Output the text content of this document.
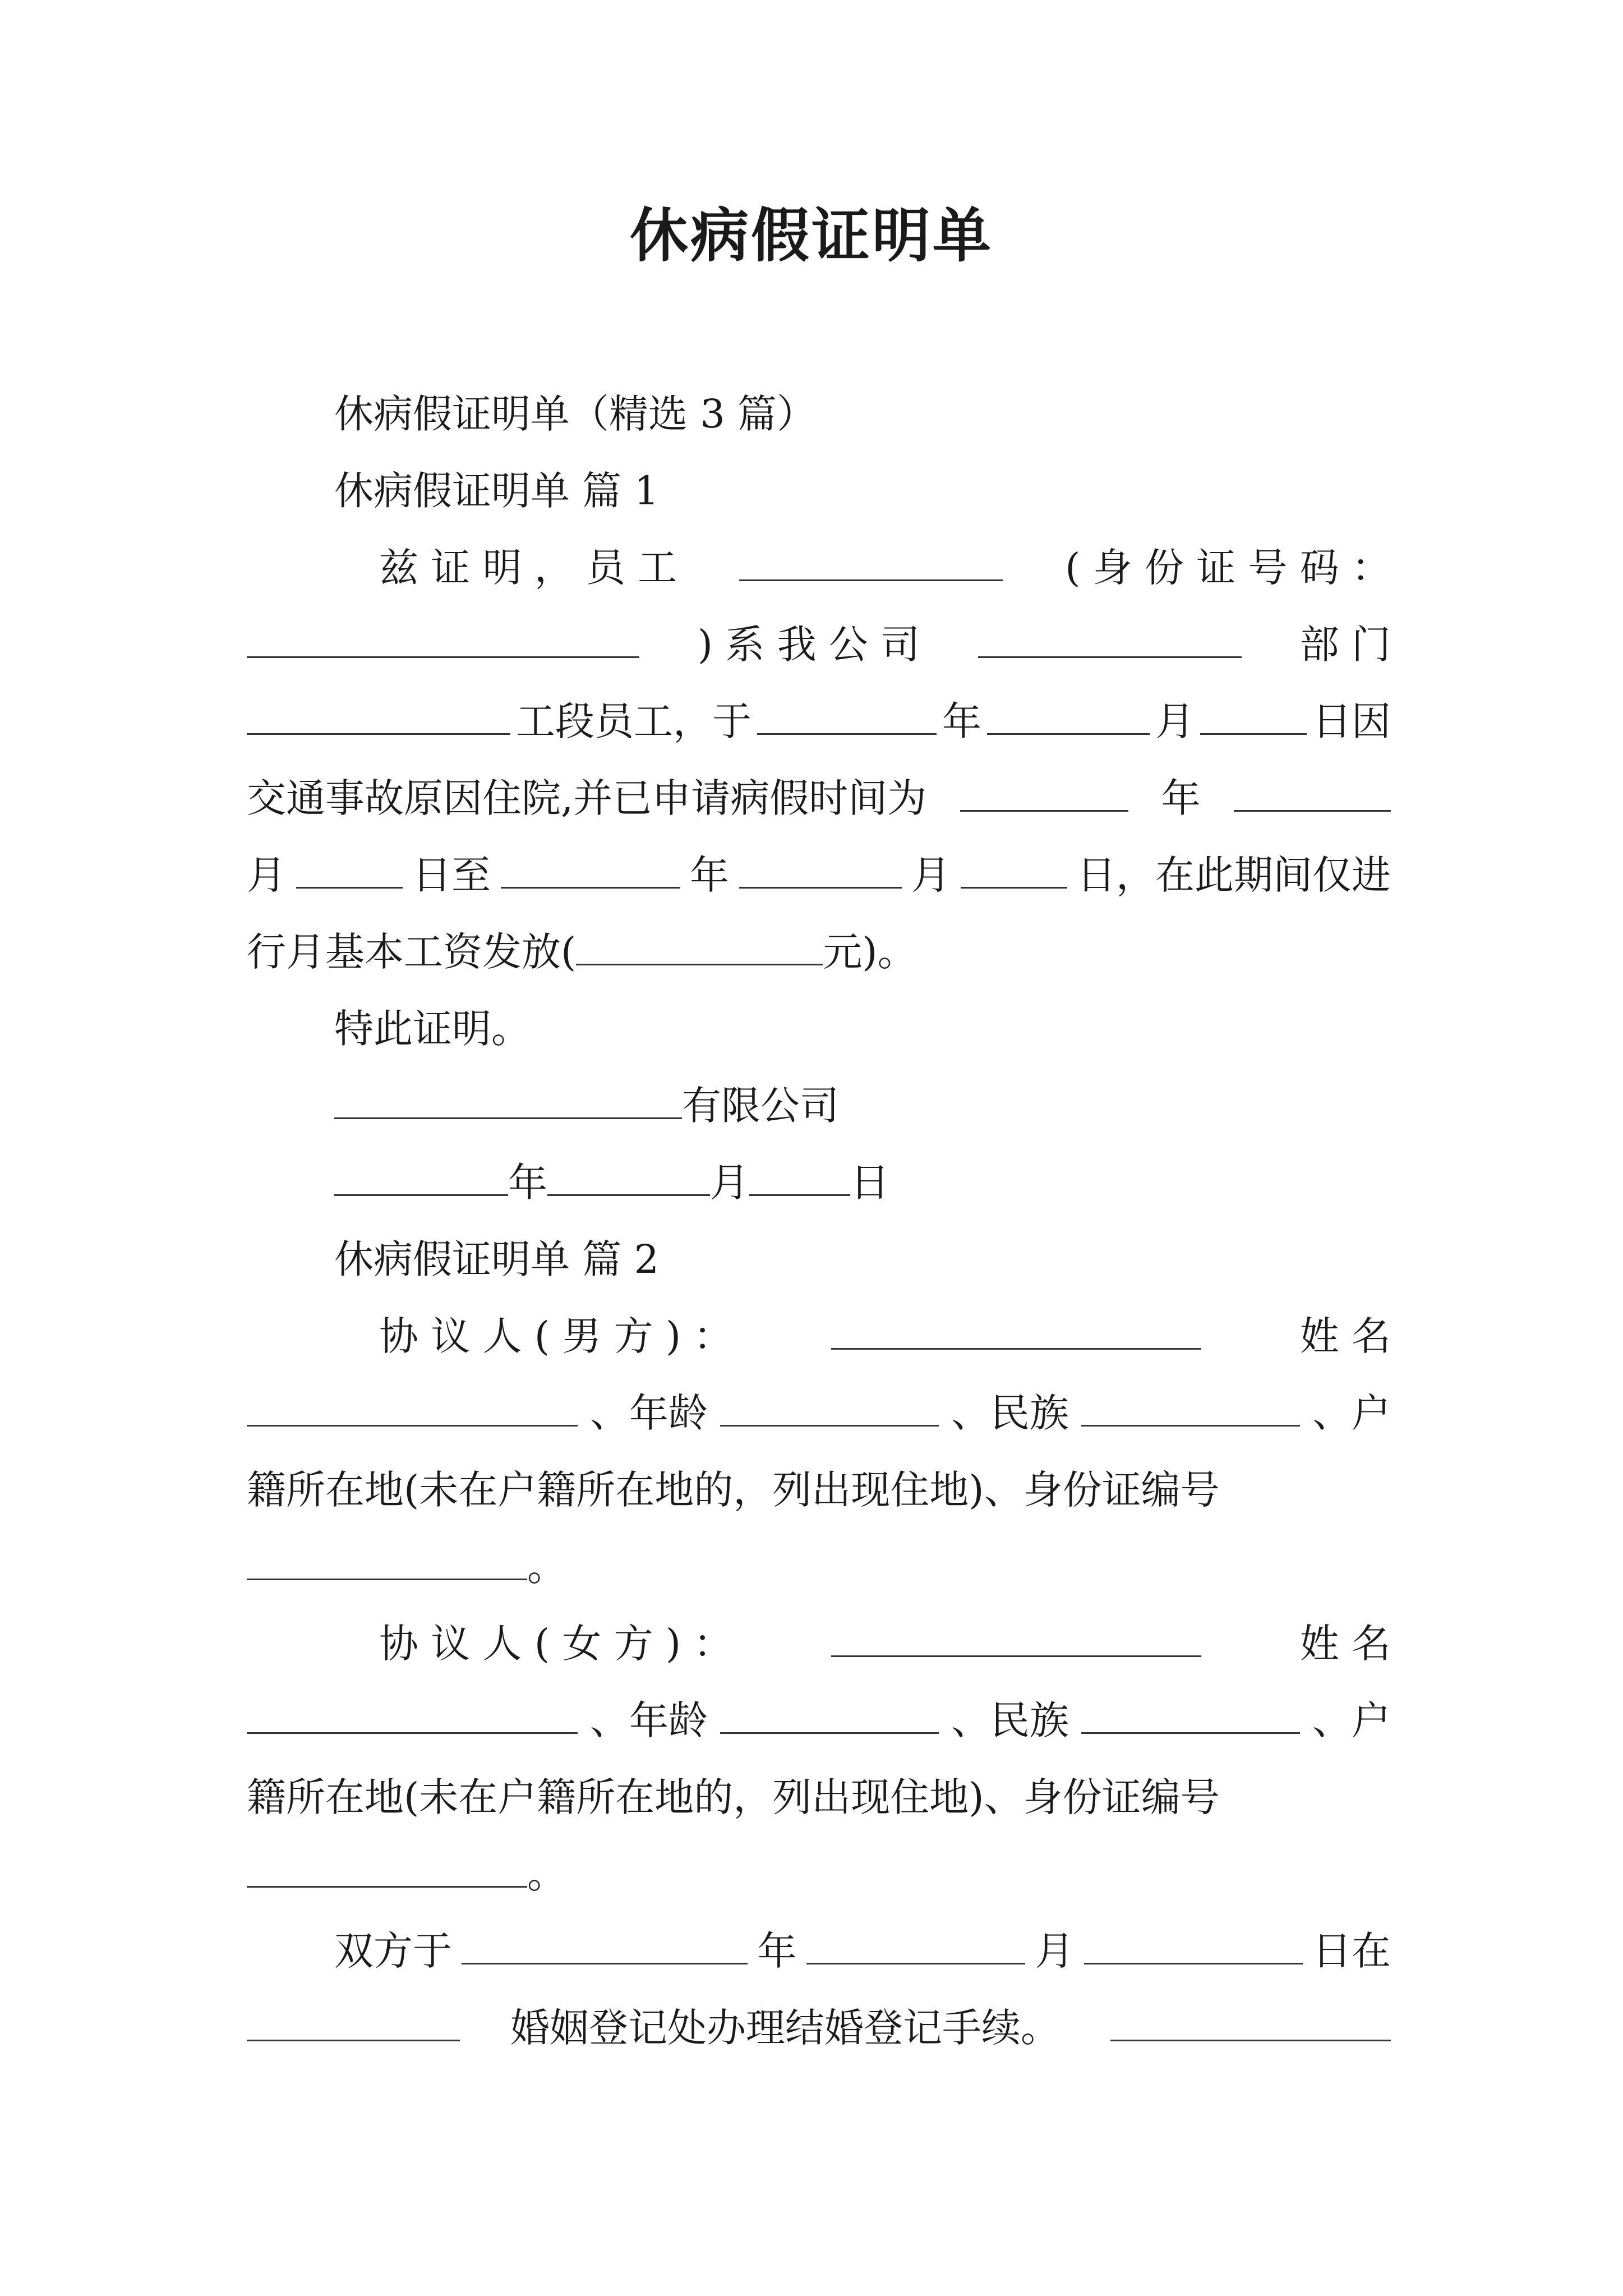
休病假证明单
休病假证明单（精选 3 篇）
休病假证明单 篇 1
兹 证 明 ， 员 工	( 身 份 证 号 码 ：
) 系 我 公 司	部 门
工段员工，于	年	月	日因
交通事故原因住院,并已申请病假时间为	年
月	日至	年	月	日，在此期间仅进
行月基本工资发放(	元)。
特此证明。
有限公司
年	月	日
休病假证明单 篇 2
协 议 人 ( 男 方 ) ：	姓 名
、年龄	、民族	、户
籍所在地(未在户籍所在地的，列出现住地)、身份证编号
。
协 议 人 ( 女 方 ) ：	姓 名
、年龄	、民族	、户
籍所在地(未在户籍所在地的，列出现住地)、身份证编号
。
双方于	年	月	日在
婚姻登记处办理结婚登记手续。
